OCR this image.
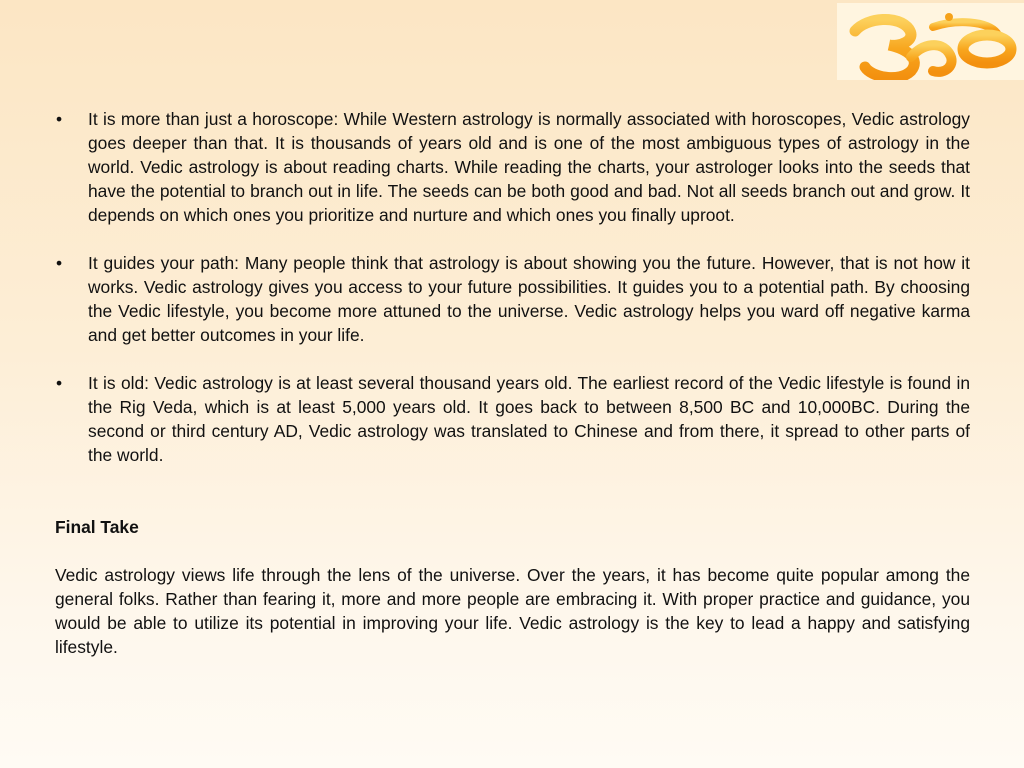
• It is more than just a horoscope: While Western astrology is normally associated with horoscopes, Vedic astrology goes deeper than that. It is thousands of years old and is one of the most ambiguous types of astrology in the world. Vedic astrology is about reading charts. While reading the charts, your astrologer looks into the seeds that have the potential to branch out in life. The seeds can be both good and bad. Not all seeds branch out and grow. It depends on which ones you prioritize and nurture and which ones you finally uproot.
• It guides your path: Many people think that astrology is about showing you the future. However, that is not how it works. Vedic astrology gives you access to your future possibilities. It guides you to a potential path. By choosing the Vedic lifestyle, you become more attuned to the universe. Vedic astrology helps you ward off negative karma and get better outcomes in your life.
• It is old: Vedic astrology is at least several thousand years old. The earliest record of the Vedic lifestyle is found in the Rig Veda, which is at least 5,000 years old. It goes back to between 8,500 BC and 10,000BC. During the second or third century AD, Vedic astrology was translated to Chinese and from there, it spread to other parts of the world.
Final Take

Vedic astrology views life through the lens of the universe. Over the years, it has become quite popular among the general folks. Rather than fearing it, more and more people are embracing it. With proper practice and guidance, you would be able to utilize its potential in improving your life. Vedic astrology is the key to lead a happy and satisfying lifestyle.
